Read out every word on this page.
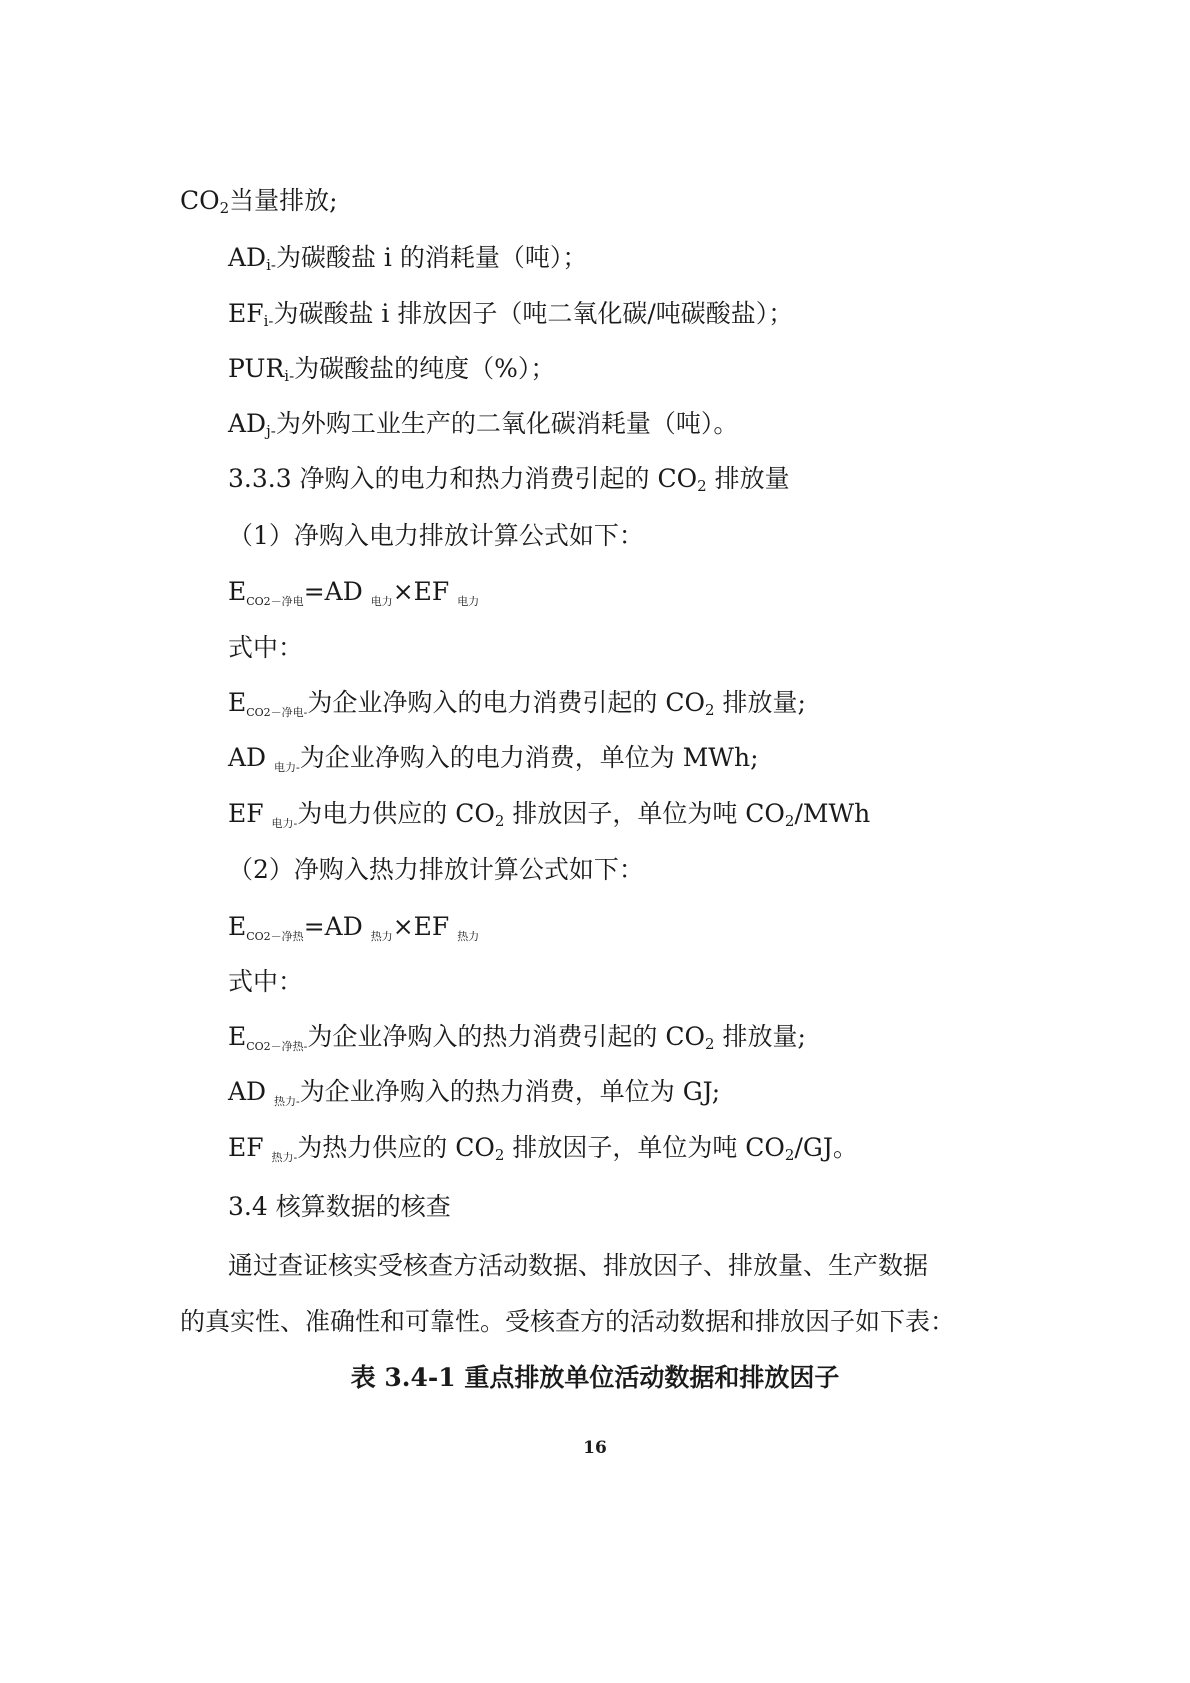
$CO_2$当量排放;
$AD_{i-}$为碳酸盐 i 的消耗量（吨）；
$EF_{i-}$为碳酸盐 i 排放因子（吨二氧化碳/吨碳酸盐）；
$PUR_{i-}$为碳酸盐的纯度（%）；
$AD_{j-}$为外购工业生产的二氧化碳消耗量（吨）。
3.3.3 净购入的电力和热力消费引起的 $CO_2$ 排放量
（1）净购入电力排放计算公式如下：
$E_{CO2-净电}=AD$ $_{电力}$×EF $_{电力}$
式中：
$E_{CO2-净电-}$为企业净购入的电力消费引起的 $CO_2$ 排放量;
AD $_{电力-}$为企业净购入的电力消费，单位为 MWh;
EF $_{电力-}$为电力供应的 $CO_2$ 排放因子，单位为吨 $CO_2$/MWh
（2）净购入热力排放计算公式如下：
$E_{CO2-净热}=AD$ $_{热力}$×EF $_{热力}$
式中：
$E_{CO2-净热-}$为企业净购入的热力消费引起的 $CO_2$ 排放量;
AD $_{热力-}$为企业净购入的热力消费，单位为 GJ;
EF $_{热力-}$为热力供应的 $CO_2$ 排放因子，单位为吨 $CO_2/GJ$。
3.4 核算数据的核查
通过查证核实受核查方活动数据、排放因子、排放量、生产数据
的真实性、准确性和可靠性。受核查方的活动数据和排放因子如下表：
表 3.4-1 重点排放单位活动数据和排放因子
16
